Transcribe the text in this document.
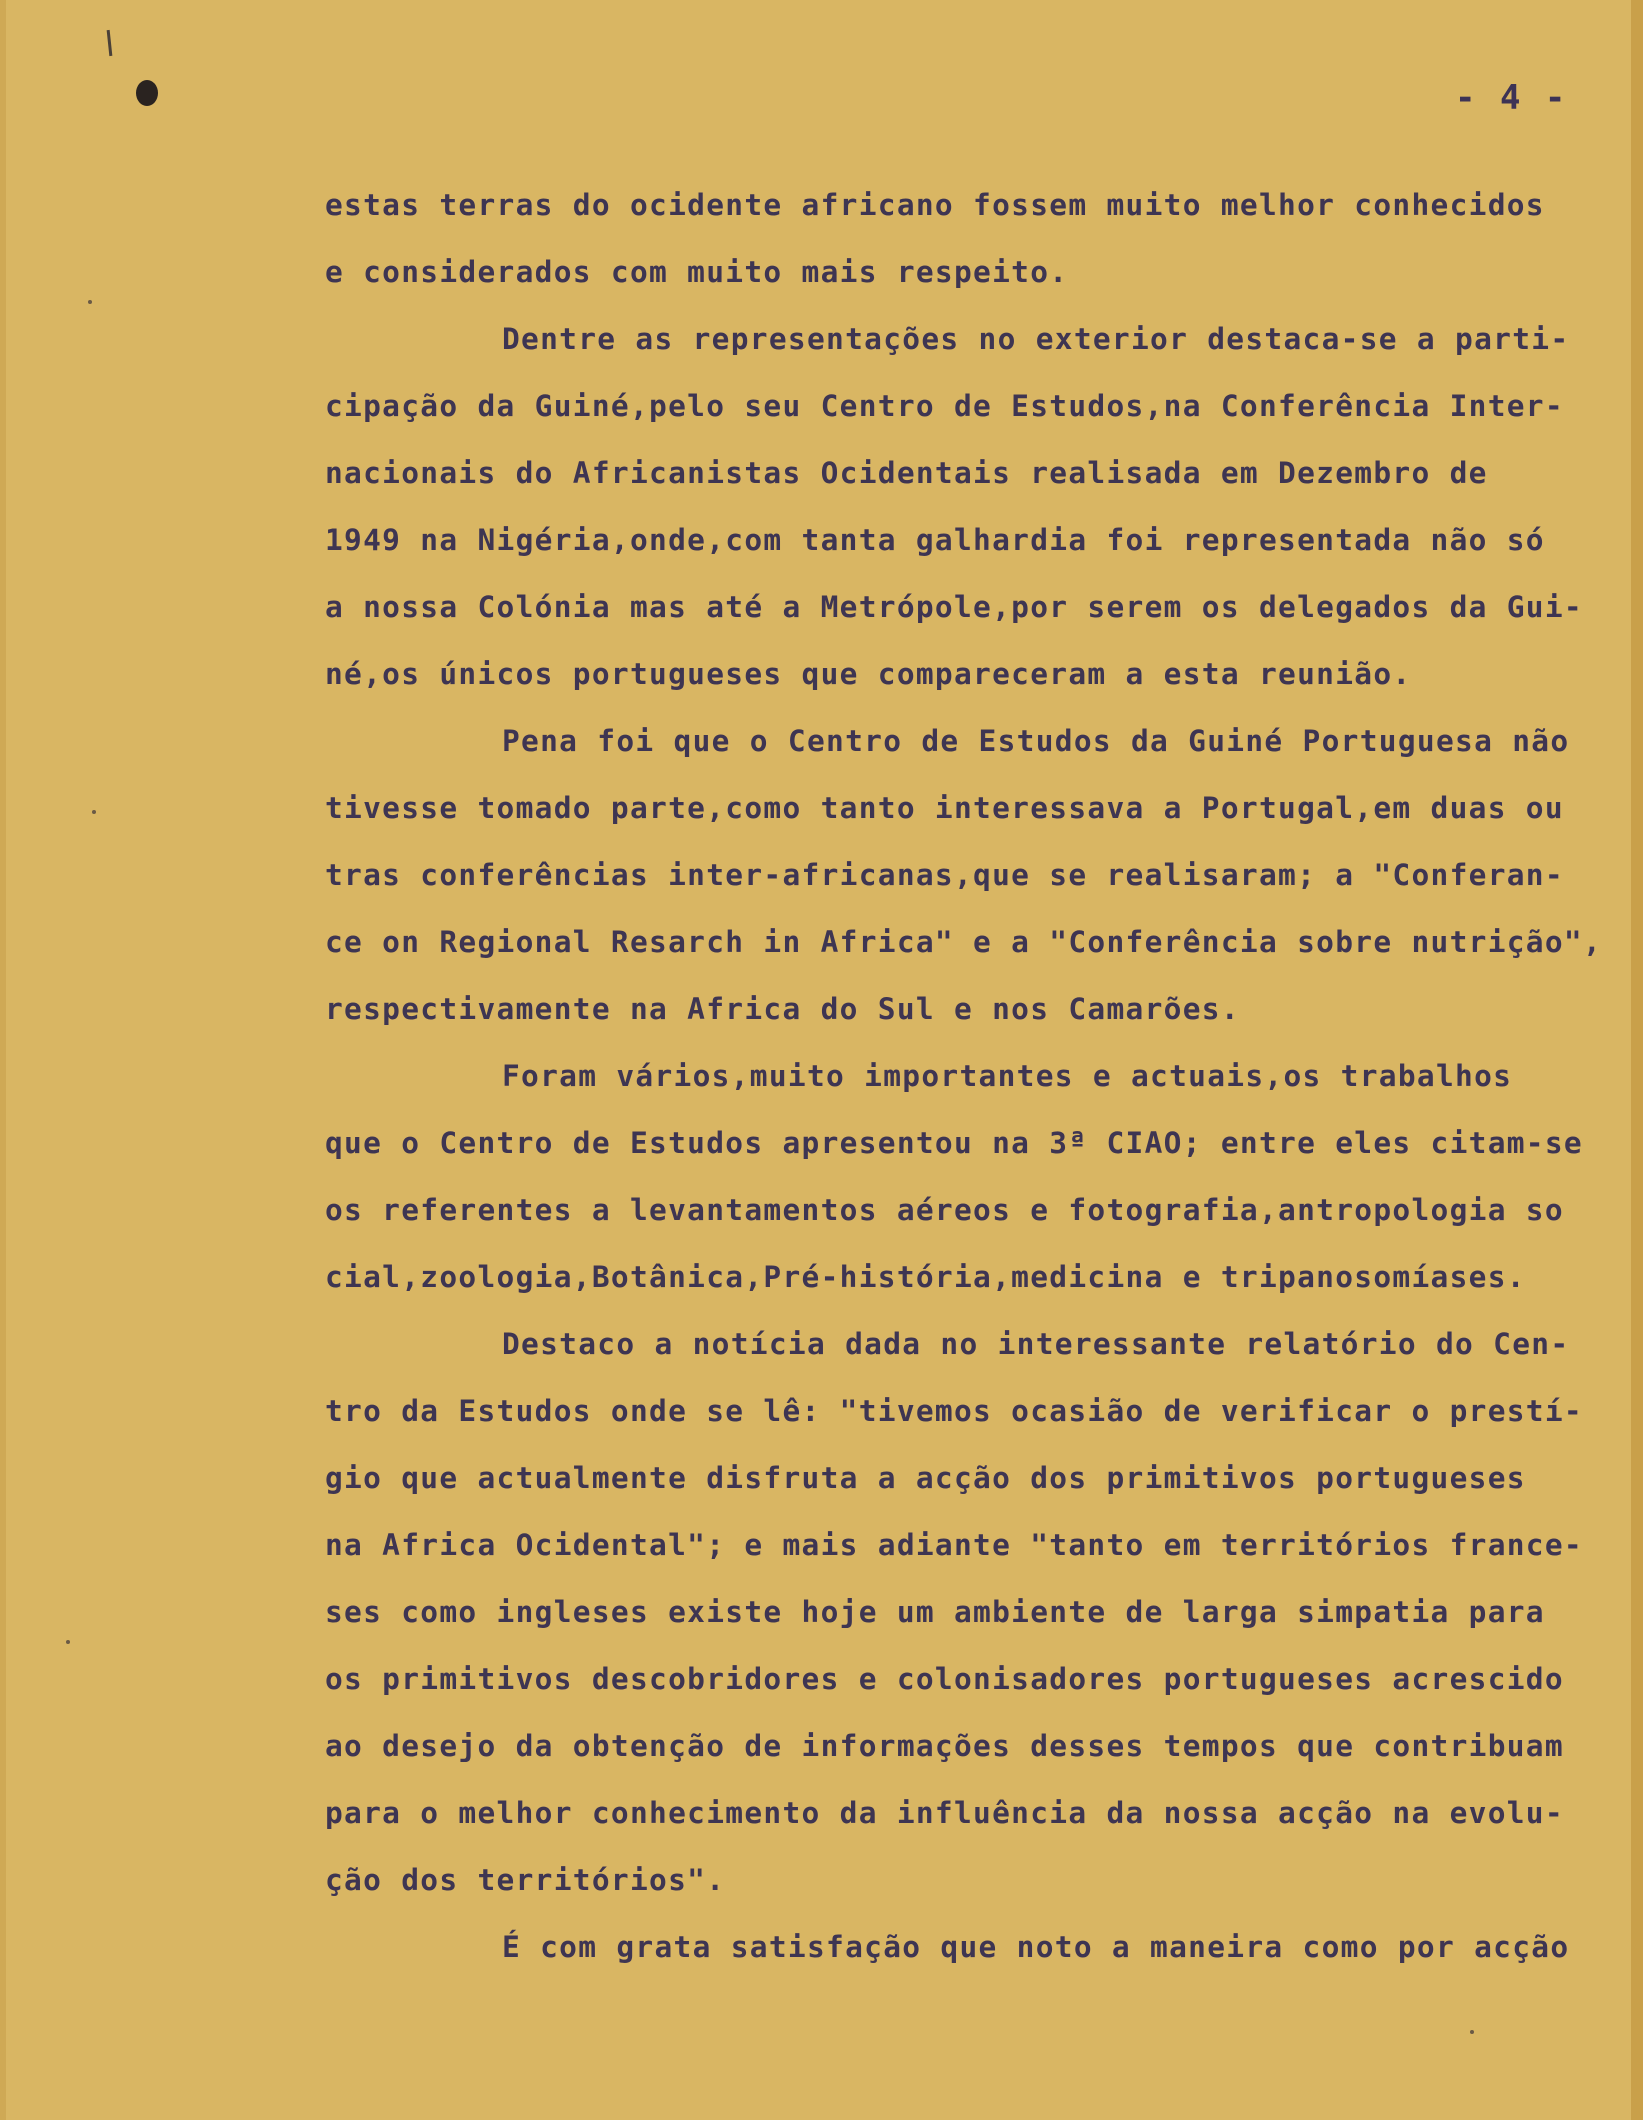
- 4 -
estas terras do ocidente africano fossem muito melhor conhecidos
e considerados com muito mais respeito.
Dentre as representações no exterior destaca-se a parti-
cipação da Guiné,pelo seu Centro de Estudos,na Conferência Inter-
nacionais do Africanistas Ocidentais realisada em Dezembro de
1949 na Nigéria,onde,com tanta galhardia foi representada não só
a nossa Colónia mas até a Metrópole,por serem os delegados da Gui-
né,os únicos portugueses que compareceram a esta reunião.
Pena foi que o Centro de Estudos da Guiné Portuguesa não
tivesse tomado parte,como tanto interessava a Portugal,em duas ou
tras conferências inter-africanas,que se realisaram; a "Conferan-
ce on Regional Resarch in Africa" e a "Conferência sobre nutrição",
respectivamente na Africa do Sul e nos Camarões.
Foram vários,muito importantes e actuais,os trabalhos
que o Centro de Estudos apresentou na 3ª CIAO; entre eles citam-se
os referentes a levantamentos aéreos e fotografia,antropologia so
cial,zoologia,Botânica,Pré-história,medicina e tripanosomíases.
Destaco a notícia dada no interessante relatório do Cen-
tro da Estudos onde se lê: "tivemos ocasião de verificar o prestí-
gio que actualmente disfruta a acção dos primitivos portugueses
na Africa Ocidental"; e mais adiante "tanto em territórios france-
ses como ingleses existe hoje um ambiente de larga simpatia para
os primitivos descobridores e colonisadores portugueses acrescido
ao desejo da obtenção de informações desses tempos que contribuam
para o melhor conhecimento da influência da nossa acção na evolu-
ção dos territórios".
É com grata satisfação que noto a maneira como por acção
